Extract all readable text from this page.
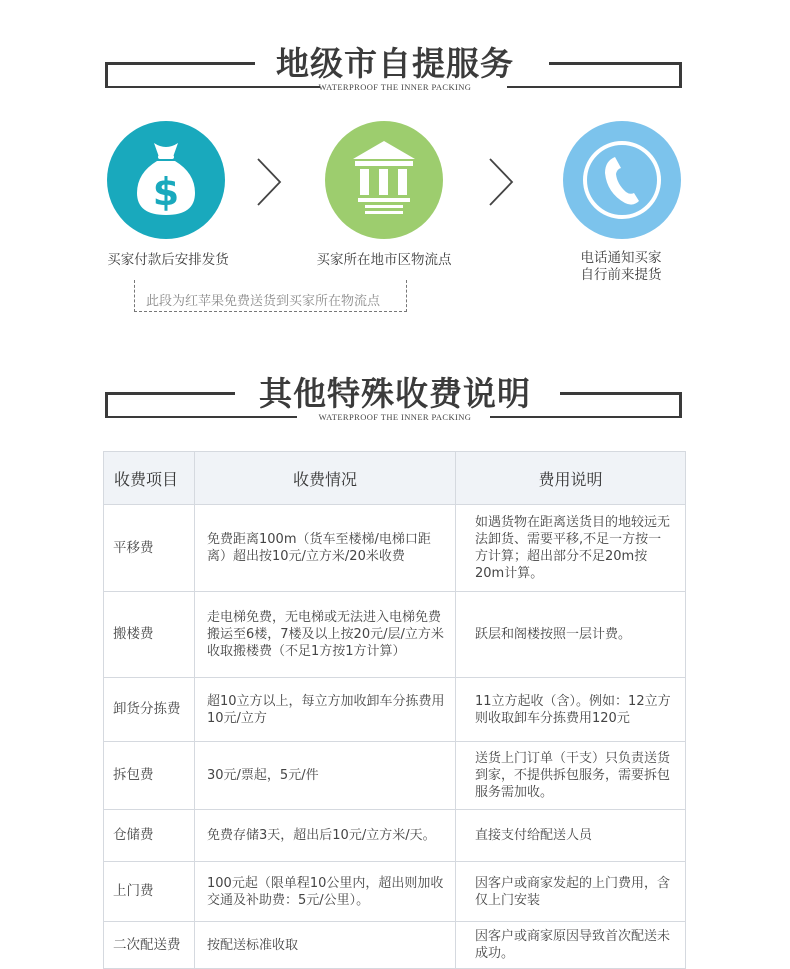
地级市自提服务
WATERPROOF THE INNER PACKING
$
买家付款后安排发货	买家所在地市区物流点	电话通知买家
自行前来提货
此段为红苹果免费送货到买家所在物流点
其他特殊收费说明
WATERPROOF THE INNER PACKING
收费项目	收费情况	费用说明
平移费	免费距离100m（货车至楼梯/电梯口距离）超出按10元/立方米/20米收费	如遇货物在距离送货目的地较远无法卸货、需要平移,不足一方按一方计算；超出部分不足20m按20m计算。
搬楼费	走电梯免费，无电梯或无法进入电梯免费搬运至6楼，7楼及以上按20元/层/立方米收取搬楼费（不足1方按1方计算）	跃层和阁楼按照一层计费。
卸货分拣费	超10立方以上，每立方加收卸车分拣费用10元/立方	11立方起收（含）。例如：12立方则收取卸车分拣费用120元
拆包费	30元/票起，5元/件	送货上门订单（干支）只负责送货到家，不提供拆包服务，需要拆包服务需加收。
仓储费	免费存储3天，超出后10元/立方米/天。	直接支付给配送人员
上门费	100元起（限单程10公里内，超出则加收交通及补助费：5元/公里）。	因客户或商家发起的上门费用，含仅上门安装
二次配送费	按配送标准收取	因客户或商家原因导致首次配送未成功。
